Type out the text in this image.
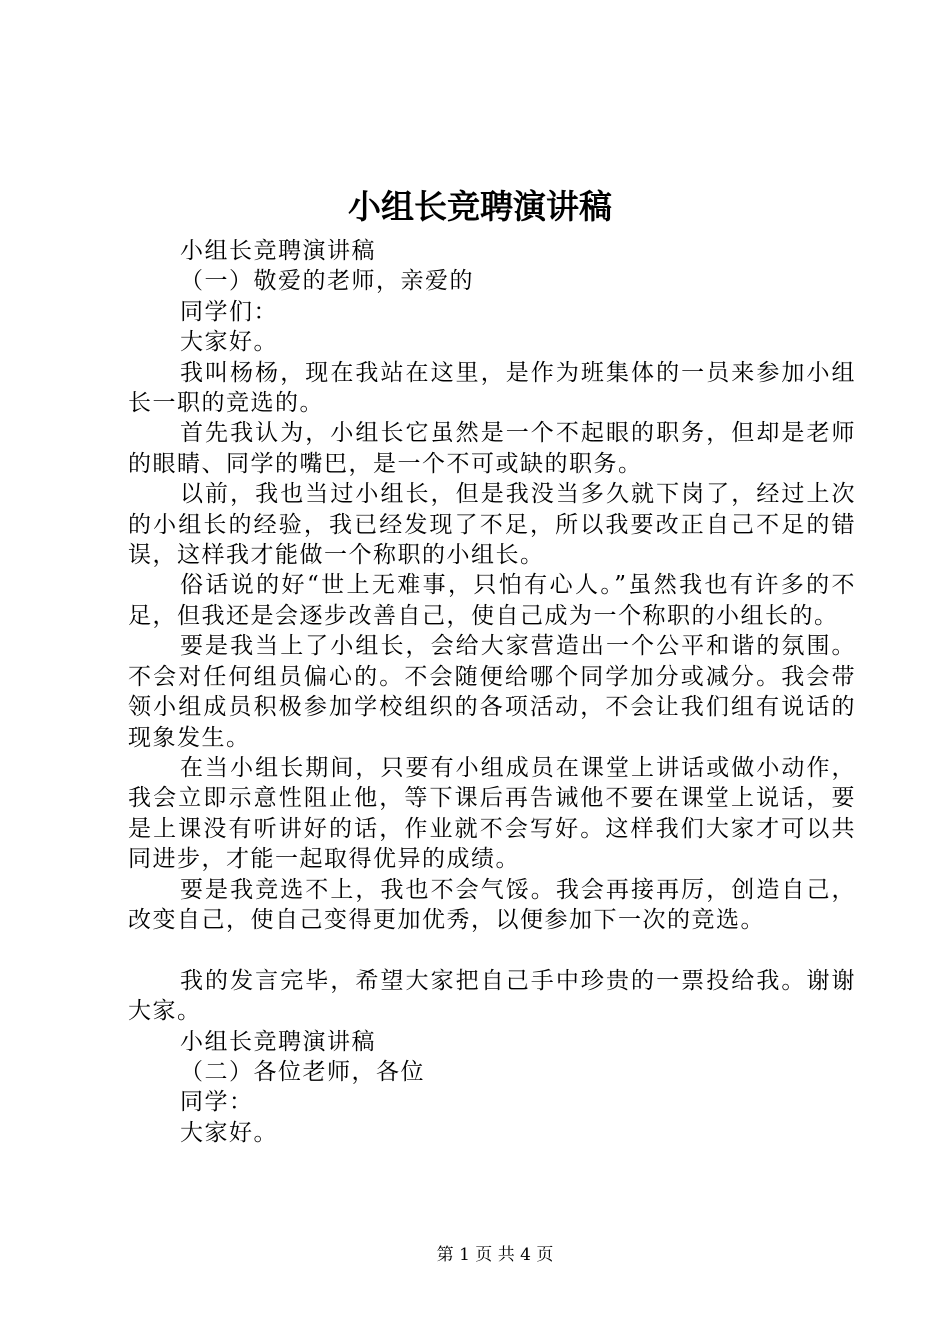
小组长竞聘演讲稿

小组长竞聘演讲稿

（一）敬爱的老师，亲爱的

同学们：

大家好。

我叫杨杨，现在我站在这里，是作为班集体的一员来参加小组长一职的竞选的。

首先我认为，小组长它虽然是一个不起眼的职务，但却是老师的眼睛、同学的嘴巴，是一个不可或缺的职务。

以前，我也当过小组长，但是我没当多久就下岗了，经过上次的小组长的经验，我已经发现了不足，所以我要改正自己不足的错误，这样我才能做一个称职的小组长。

俗话说的好“世上无难事，只怕有心人。”虽然我也有许多的不足，但我还是会逐步改善自己，使自己成为一个称职的小组长的。

要是我当上了小组长，会给大家营造出一个公平和谐的氛围。不会对任何组员偏心的。不会随便给哪个同学加分或减分。我会带领小组成员积极参加学校组织的各项活动，不会让我们组有说话的现象发生。

在当小组长期间，只要有小组成员在课堂上讲话或做小动作，我会立即示意性阻止他，等下课后再告诫他不要在课堂上说话，要是上课没有听讲好的话，作业就不会写好。这样我们大家才可以共同进步，才能一起取得优异的成绩。

要是我竞选不上，我也不会气馁。我会再接再厉，创造自己，改变自己，使自己变得更加优秀，以便参加下一次的竞选。

我的发言完毕，希望大家把自己手中珍贵的一票投给我。谢谢大家。

小组长竞聘演讲稿

（二）各位老师，各位

同学：

大家好。

第 1 页 共 4 页
